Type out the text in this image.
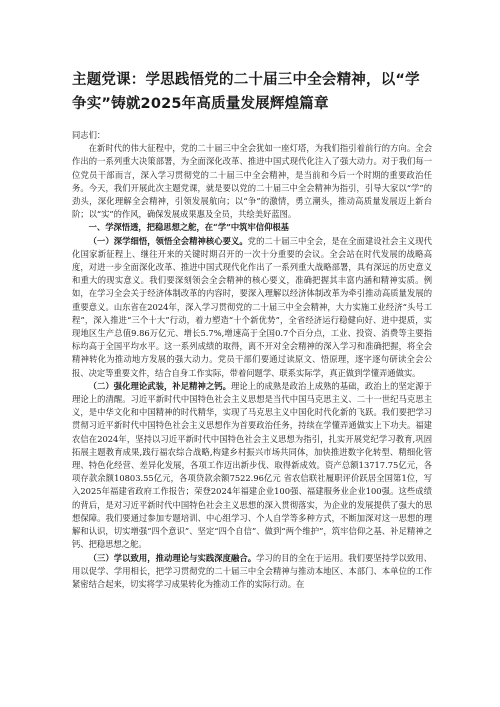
主题党课：学思践悟党的二十届三中全会精神，以“学争实”铸就2025年高质量发展辉煌篇章

同志们：

在新时代的伟大征程中，党的二十届三中全会犹如一座灯塔，为我们指引着前行的方向。全会作出的一系列重大决策部署，为全面深化改革、推进中国式现代化注入了强大动力。对于我们每一位党员干部而言，深入学习贯彻党的二十届三中全会精神，是当前和今后一个时期的重要政治任务。今天，我们开展此次主题党课，就是要以党的二十届三中全会精神为指引，引导大家以“学”的劲头，深化理解全会精神，引领发展航向；以“争”的激情，勇立潮头，推动高质量发展迈上新台阶；以“实”的作风，确保发展成果惠及全员，共绘美好蓝图。

一、学深悟透，把稳思想之舵，在“学”中筑牢信仰根基

（一）深学细悟，领悟全会精神核心要义。党的二十届三中全会，是在全面建设社会主义现代化国家新征程上、继往开来的关键时期召开的一次十分重要的会议。全会站在时代发展的战略高度，对进一步全面深化改革、推进中国式现代化作出了一系列重大战略部署，具有深远的历史意义和重大的现实意义。我们要深刻领会全会精神的核心要义，准确把握其丰富内涵和精神实质。例如，在学习全会关于经济体制改革的内容时，要深入理解以经济体制改革为牵引推动高质量发展的重要意义。山东省在2024年，深入学习贯彻党的二十届三中全会精神，大力实施工业经济“头号工程”，深入推进“三个十大”行动，着力塑造“十个新优势”，全省经济运行稳健向好、进中提质，实现地区生产总值9.86万亿元、增长5.7%,增速高于全国0.7个百分点，工业、投资、消费等主要指标均高于全国平均水平。这一系列成绩的取得，离不开对全会精神的深入学习和准确把握，将全会精神转化为推动地方发展的强大动力。党员干部们要通过读原文、悟原理，逐字逐句研读全会公报、决定等重要文件，结合自身工作实际，带着问题学、联系实际学，真正做到学懂弄通做实。

（二）强化理论武装，补足精神之钙。理论上的成熟是政治上成熟的基础，政治上的坚定源于理论上的清醒。习近平新时代中国特色社会主义思想是当代中国马克思主义、二十一世纪马克思主义，是中华文化和中国精神的时代精华，实现了马克思主义中国化时代化新的飞跃。我们要把学习贯彻习近平新时代中国特色社会主义思想作为首要政治任务，持续在学懂弄通做实上下功夫。福建农信在2024年，坚持以习近平新时代中国特色社会主义思想为指引，扎实开展党纪学习教育,巩固拓展主题教育成果,践行福农综合战略,构建乡村振兴市场共同体，加快推进数字化转型、精细化管理、特色化经营、差异化发展，各项工作迈出新步伐、取得新成效。资产总额13717.75亿元，各项存款余额10803.55亿元，各项贷款余额7522.96亿元 省农信联社履职评价跃居全国第1位，写入2025年福建省政府工作报告；荣登2024年福建企业100强、福建服务业企业100强。这些成绩的背后，是对习近平新时代中国特色社会主义思想的深入贯彻落实，为企业的发展提供了强大的思想保障。我们要通过参加专题培训、中心组学习、个人自学等多种方式，不断加深对这一思想的理解和认识，切实增强“四个意识”、坚定“四个自信”、做到“两个维护”，筑牢信仰之基、补足精神之钙、把稳思想之舵。

（三）学以致用，推动理论与实践深度融合。学习的目的全在于运用。我们要坚持学以致用、用以促学、学用相长，把学习贯彻党的二十届三中全会精神与推动本地区、本部门、本单位的工作紧密结合起来，切实将学习成果转化为推动工作的实际行动。在
